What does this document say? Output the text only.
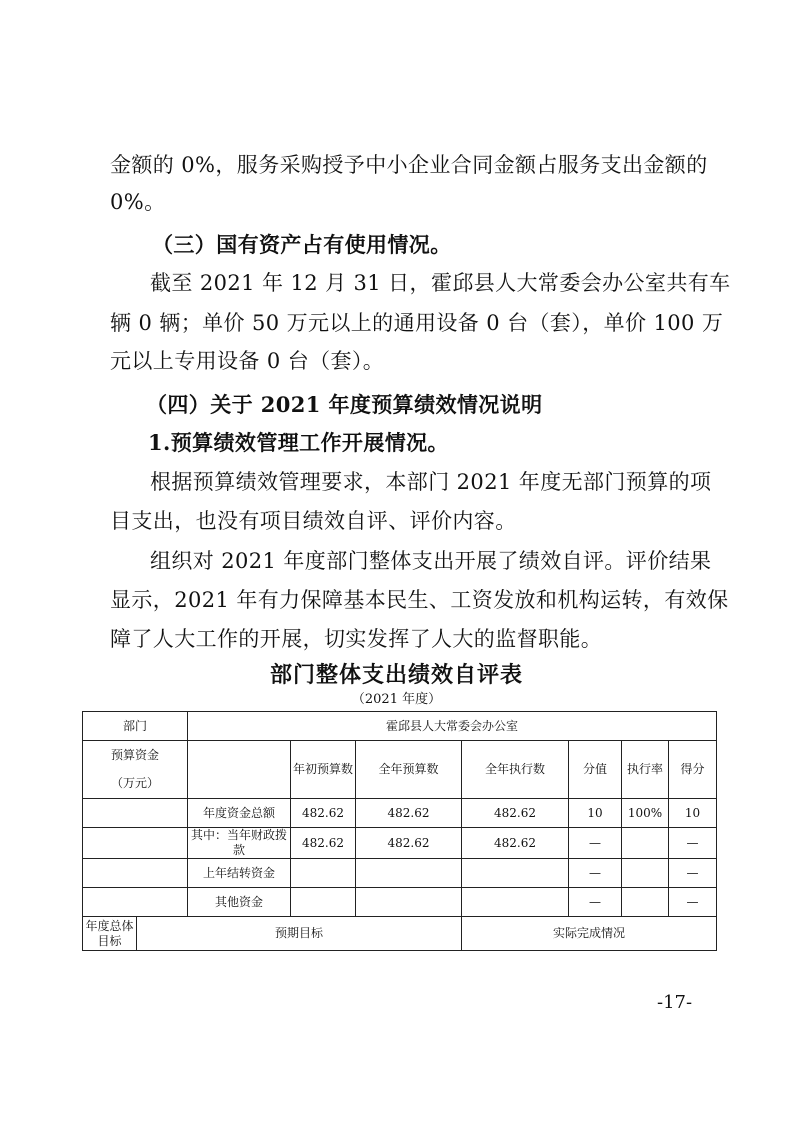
金额的 0%，服务采购授予中小企业合同金额占服务支出金额的
0%。
（三）国有资产占有使用情况。
截至 2021 年 12 月 31 日，霍邱县人大常委会办公室共有车
辆 0 辆；单价 50 万元以上的通用设备 0 台（套），单价 100 万
元以上专用设备 0 台（套）。
（四）关于 2021 年度预算绩效情况说明
1.预算绩效管理工作开展情况。
根据预算绩效管理要求，本部门 2021 年度无部门预算的项
目支出，也没有项目绩效自评、评价内容。
组织对 2021 年度部门整体支出开展了绩效自评。评价结果
显示，2021 年有力保障基本民生、工资发放和机构运转，有效保
障了人大工作的开展，切实发挥了人大的监督职能。
部门整体支出绩效自评表
（2021 年度）
部门		霍邱县人大常委会办公室						
预算资金			年初预算数	全年预算数	全年执行数	分值	执行率	得分
（万元）								
		年度资金总额	482.62	482.62	482.62	10	100%	10
		其中：当年财政拨款	482.62	482.62	482.62	—		—
		上年结转资金				—		—
		其他资金				—		—
年度总体目标	预期目标				实际完成情况			
-17-
